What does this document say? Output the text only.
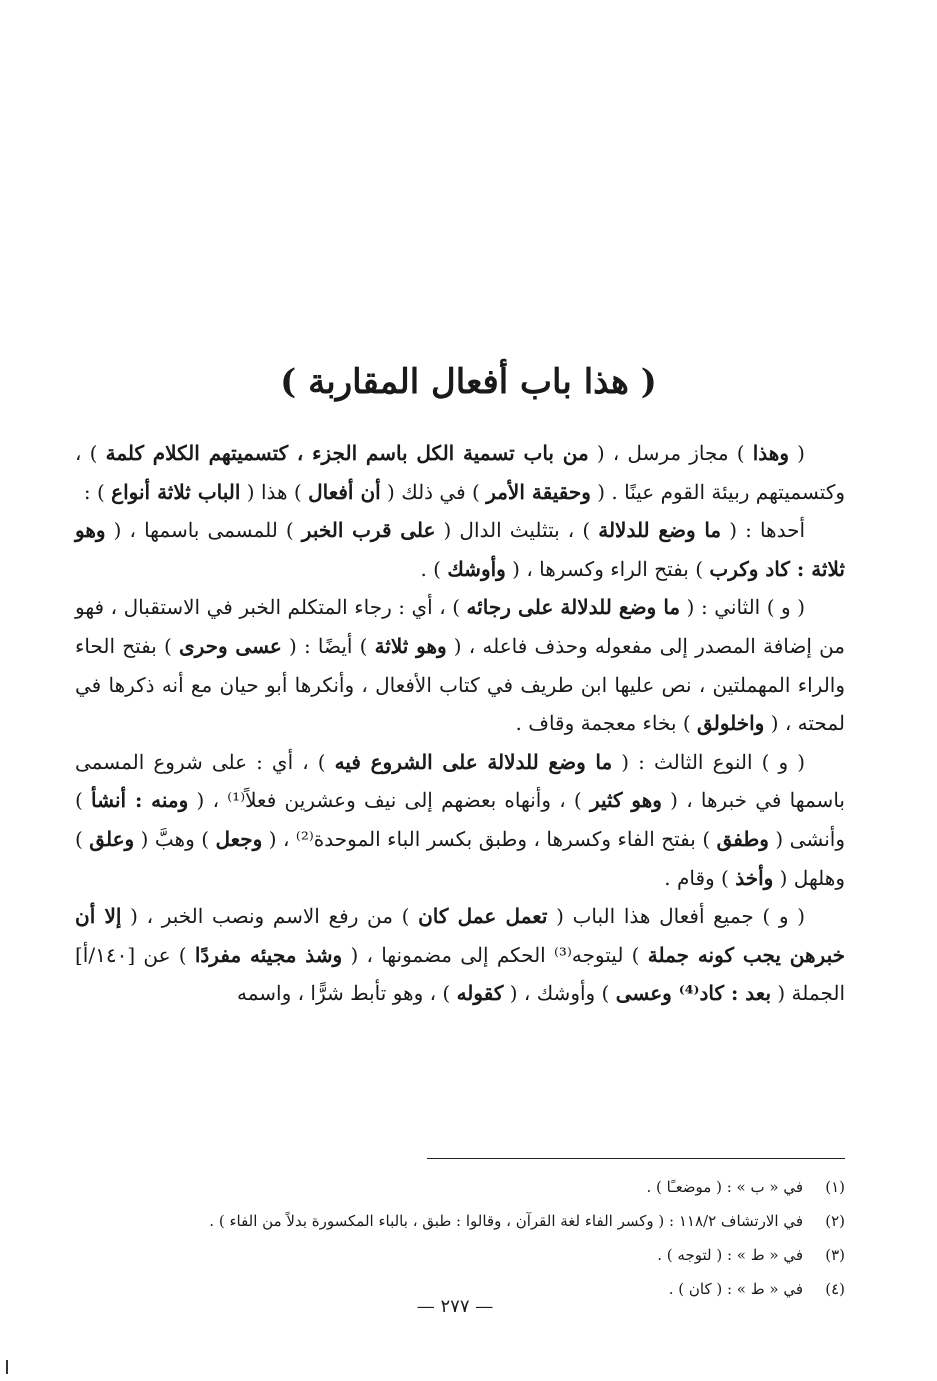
( هذا باب أفعال المقاربة )

( وهذا ) مجاز مرسل ، ( من باب تسمية الكل باسم الجزء ، كتسميتهم الكلام كلمة ) ، وكتسميتهم ربيئة القوم عينًا . ( وحقيقة الأمر ) في ذلك ( أن أفعال ) هذا ( الباب ثلاثة أنواع ) :

أحدها : ( ما وضع للدلالة ) ، بتثليث الدال ( على قرب الخبر ) للمسمى باسمها ، ( وهو ثلاثة : كاد وكرب ) بفتح الراء وكسرها ، ( وأوشك ) .

( و ) الثاني : ( ما وضع للدلالة على رجائه ) ، أي : رجاء المتكلم الخبر في الاستقبال ، فهو من إضافة المصدر إلى مفعوله وحذف فاعله ، ( وهو ثلاثة ) أيضًا : ( عسى وحرى ) بفتح الحاء والراء المهملتين ، نص عليها ابن طريف في كتاب الأفعال ، وأنكرها أبو حيان مع أنه ذكرها في لمحته ، ( واخلولق ) بخاء معجمة وقاف .

( و ) النوع الثالث : ( ما وضع للدلالة على الشروع فيه ) ، أي : على شروع المسمى باسمها في خبرها ، ( وهو كثير ) ، وأنهاه بعضهم إلى نيف وعشرين فعلاً⁽¹⁾ ، ( ومنه : أنشأ ) وأنشى ( وطفق ) بفتح الفاء وكسرها ، وطبق بكسر الباء الموحدة⁽²⁾ ، ( وجعل ) وهبَّ ( وعلق ) وهلهل ( وأخذ ) وقام .

( و ) جميع أفعال هذا الباب ( تعمل عمل كان ) من رفع الاسم ونصب الخبر ، ( إلا أن خبرهن يجب كونه جملة ) ليتوجه⁽³⁾ الحكم إلى مضمونها ، ( وشذ مجيئه مفردًا ) عن [١٤٠/أ] الجملة ( بعد : كاد⁽⁴⁾ وعسى ) وأوشك ، ( كقوله ) ، وهو تأبط شرًّا ، واسمه

(١)في « ب » : ( موضعـًا ) .
(٢)في الارتشاف ١١٨/٢ : ( وكسر الفاء لغة القرآن ، وقالوا : طبق ، بالباء المكسورة بدلاً من الفاء ) .
(٣)في « ط » : ( لتوجه ) .
(٤)في « ط » : ( كان ) .
— ٢٧٧ —
